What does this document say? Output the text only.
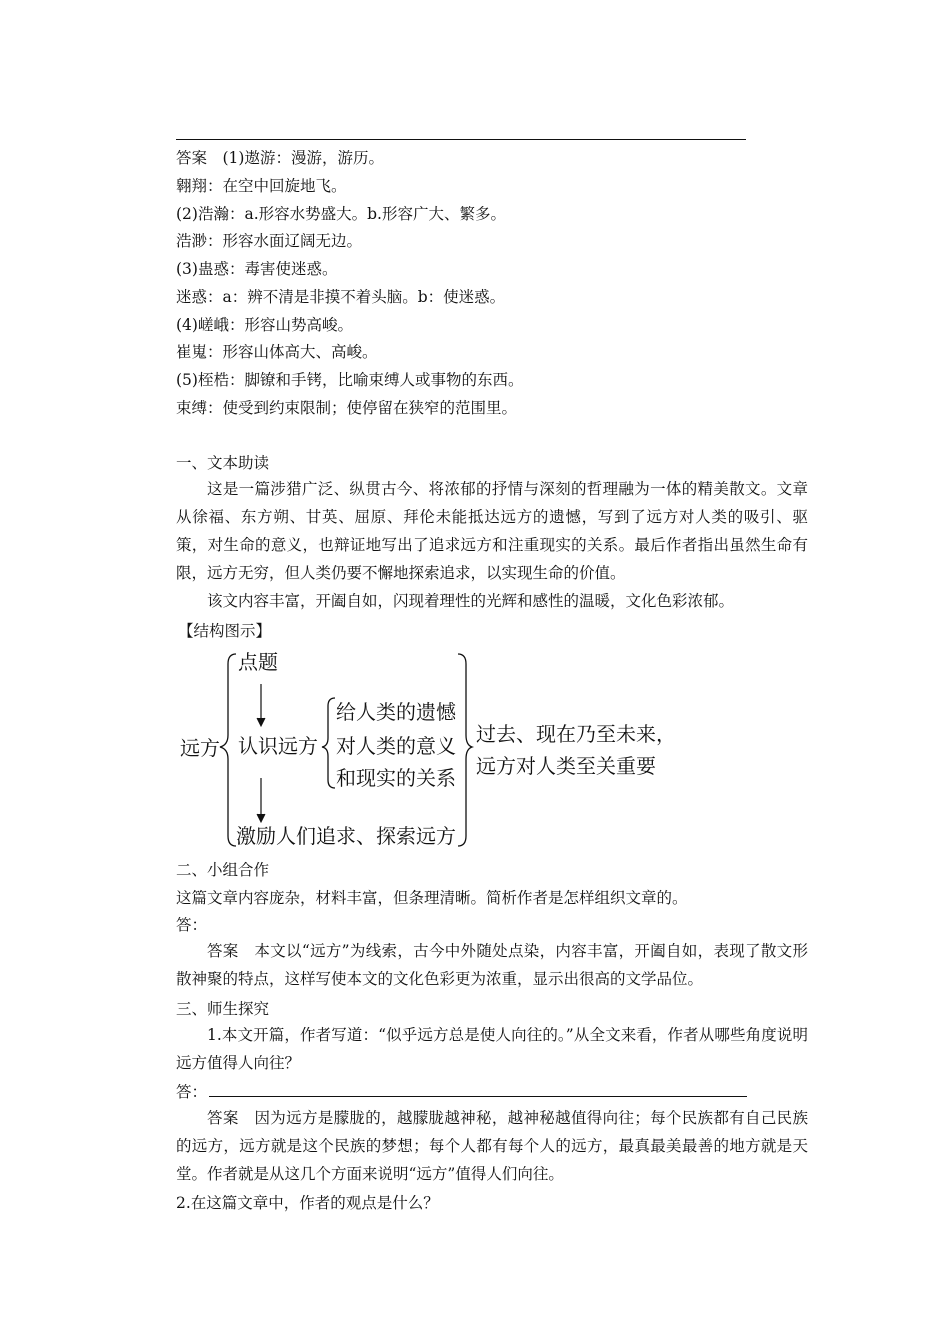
答案　(1)遨游：漫游，游历。
翱翔：在空中回旋地飞。
(2)浩瀚：a.形容水势盛大。b.形容广大、繁多。
浩渺：形容水面辽阔无边。
(3)蛊惑：毒害使迷惑。
迷惑：a：辨不清是非摸不着头脑。b：使迷惑。
(4)嵯峨：形容山势高峻。
崔嵬：形容山体高大、高峻。
(5)桎梏：脚镣和手铐，比喻束缚人或事物的东西。
束缚：使受到约束限制；使停留在狭窄的范围里。
一、文本助读
这是一篇涉猎广泛、纵贯古今、将浓郁的抒情与深刻的哲理融为一体的精美散文。文章从徐福、东方朔、甘英、屈原、拜伦未能抵达远方的遗憾，写到了远方对人类的吸引、驱策，对生命的意义，也辩证地写出了追求远方和注重现实的关系。最后作者指出虽然生命有限，远方无穷，但人类仍要不懈地探索追求，以实现生命的价值。
该文内容丰富，开阖自如，闪现着理性的光辉和感性的温暖，文化色彩浓郁。
【结构图示】
远方
点题
认识远方
给人类的遗憾
对人类的意义
和现实的关系
激励人们追求、探索远方
过去、现在乃至未来，
远方对人类至关重要
二、小组合作
这篇文章内容庞杂，材料丰富，但条理清晰。简析作者是怎样组织文章的。
答：
答案　本文以“远方”为线索，古今中外随处点染，内容丰富，开阖自如，表现了散文形散神聚的特点，这样写使本文的文化色彩更为浓重，显示出很高的文学品位。
三、师生探究
1.本文开篇，作者写道：“似乎远方总是使人向往的。”从全文来看，作者从哪些角度说明远方值得人向往？
答：
答案　因为远方是朦胧的，越朦胧越神秘，越神秘越值得向往；每个民族都有自己民族的远方，远方就是这个民族的梦想；每个人都有每个人的远方，最真最美最善的地方就是天堂。作者就是从这几个方面来说明“远方”值得人们向往。
2.在这篇文章中，作者的观点是什么？
